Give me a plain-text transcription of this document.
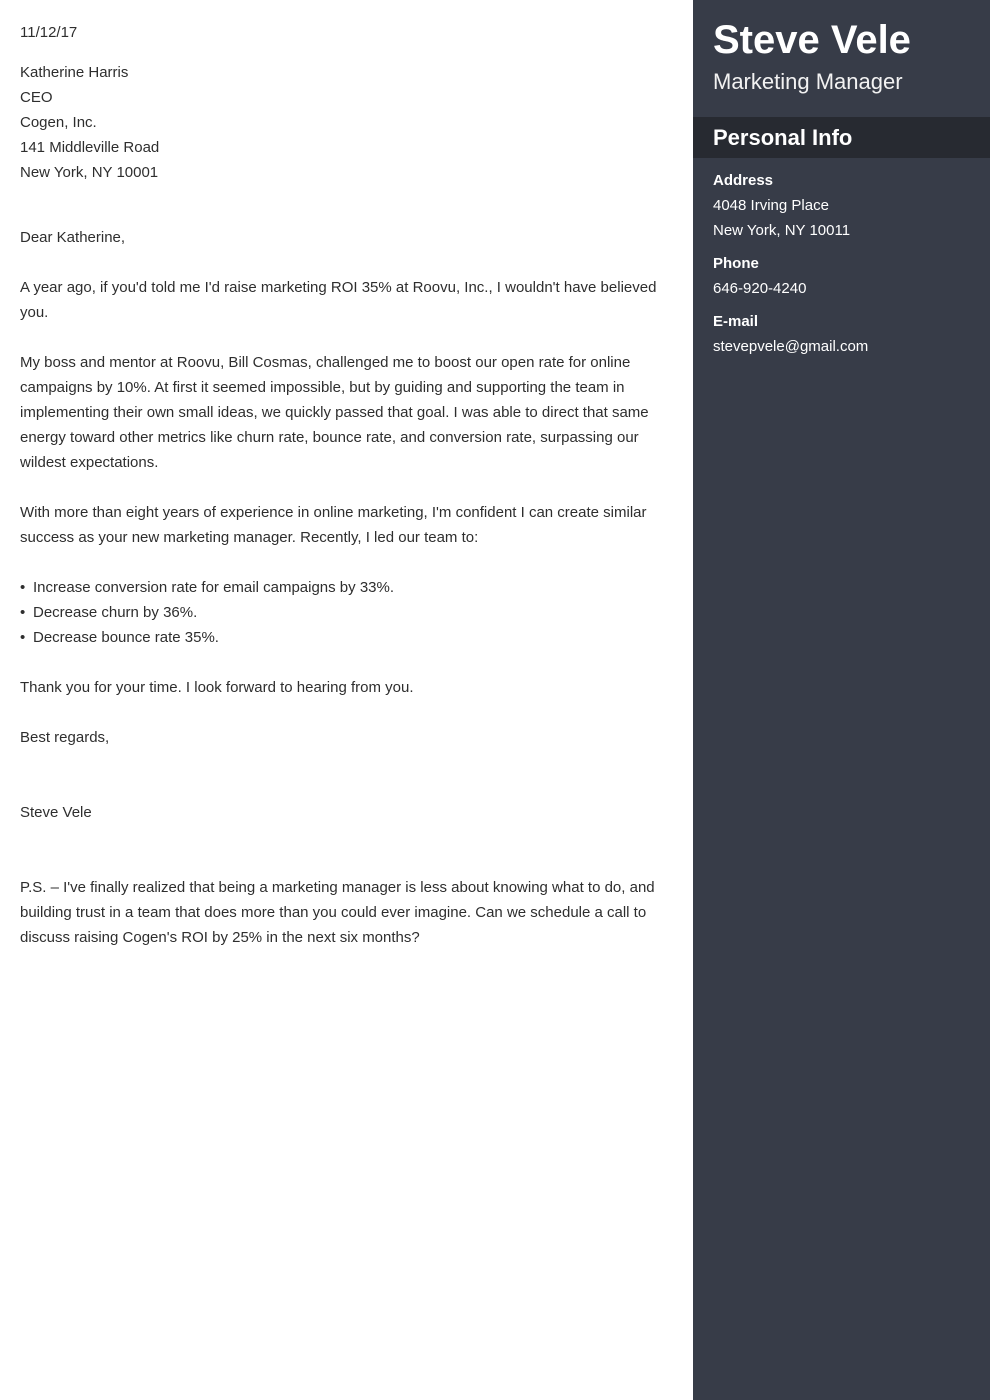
11/12/17
Katherine Harris
CEO
Cogen, Inc.
141 Middleville Road
New York, NY 10001
Dear Katherine,

A year ago, if you'd told me I'd raise marketing ROI 35% at Roovu, Inc., I wouldn't have believed you.

My boss and mentor at Roovu, Bill Cosmas, challenged me to boost our open rate for online campaigns by 10%. At first it seemed impossible, but by guiding and supporting the team in implementing their own small ideas, we quickly passed that goal. I was able to direct that same energy toward other metrics like churn rate, bounce rate, and conversion rate, surpassing our wildest expectations.

With more than eight years of experience in online marketing, I'm confident I can create similar success as your new marketing manager. Recently, I led our team to:

• Increase conversion rate for email campaigns by 33%.
• Decrease churn by 36%.
• Decrease bounce rate 35%.

Thank you for your time. I look forward to hearing from you.

Best regards,
Steve Vele

P.S. – I've finally realized that being a marketing manager is less about knowing what to do, and building trust in a team that does more than you could ever imagine. Can we schedule a call to discuss raising Cogen's ROI by 25% in the next six months?

Steve Vele
Marketing Manager
Personal Info
Address
4048 Irving Place
New York, NY 10011
Phone
646-920-4240
E-mail
stevepvele@gmail.com
